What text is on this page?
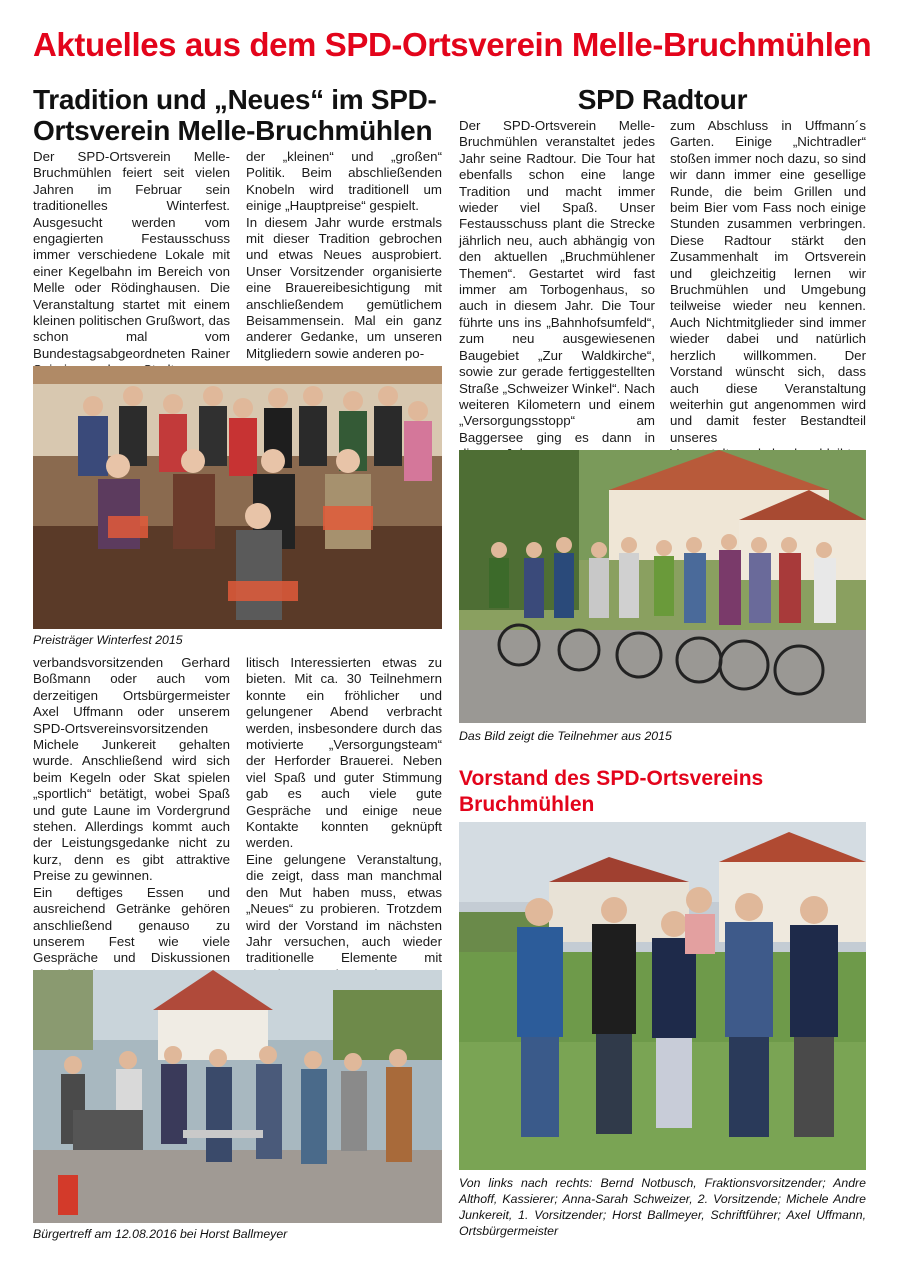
Aktuelles aus dem SPD-Ortsverein Melle-Bruchmühlen
Tradition und „Neues“ im SPD-
Ortsverein Melle-Bruchmühlen

Der SPD-Ortsverein Melle-Bruchmühlen feiert seit vielen Jahren im Februar sein traditionelles Winterfest. Ausgesucht werden vom engagierten Festausschuss immer verschiedene Lokale mit einer Kegelbahn im Bereich von Melle oder Rödinghausen. Die Veranstaltung startet mit einem kleinen politischen Grußwort, das schon mal vom Bundestagsabgeordneten Rainer

der „kleinen“ und „großen“ Politik. Beim abschließenden Knobeln wird traditionell um einige „Hauptpreise“ gespielt.

In diesem Jahr wurde erstmals mit dieser Tradition gebrochen und etwas Neues ausprobiert. Unser Vorsitzender organisierte eine Brauereibesichtigung mit anschließendem gemütlichem Beisammensein. Mal ein ganz anderer Gedanke, um unseren Mitgliedern sowie anderen po-

Preisträger Winterfest 2015

verbandsvorsitzenden Gerhard Boßmann oder auch vom derzeitigen Ortsbürgermeister Axel Uffmann oder unserem SPD-Ortsvereinsvorsitzenden Michele Junkereit gehalten wurde. Anschließend wird sich beim Kegeln oder Skat spielen „sportlich“ betätigt, wobei Spaß und gute Laune im Vordergrund stehen. Allerdings kommt auch der Leistungsgedanke nicht zu kurz, denn es gibt attraktive Preise zu gewinnen.

Ein deftiges Essen und ausreichend Getränke gehören anschließend genauso zu unserem Fest wie viele Gespräche und Diskussionen

litisch Interessierten etwas zu bieten. Mit ca. 30 Teilnehmern konnte ein fröhlicher und gelungener Abend verbracht werden, insbesondere durch das motivierte „Versorgungsteam“ der Herforder Brauerei. Neben viel Spaß und guter Stimmung gab es auch viele gute Gespräche und einige neue Kontakte konnten geknüpft werden.

Eine gelungene Veranstaltung, die zeigt, dass man manchmal den Mut haben muss, etwas „Neues“ zu probieren. Trotzdem wird der Vorstand im nächsten Jahr versuchen, auch wieder traditionelle Elemente mit

Bürgertreff am 12.08.2016 bei Horst Ballmeyer
SPD Radtour

Der SPD-Ortsverein Melle-Bruchmühlen veranstaltet jedes Jahr seine Radtour. Die Tour hat ebenfalls schon eine lange Tradition und macht immer wieder viel Spaß. Unser Festausschuss plant die Strecke jährlich neu, auch abhängig von den aktuellen „Bruchmühlener Themen“. Gestartet wird fast immer am Torbogenhaus, so auch in diesem Jahr. Die Tour führte uns ins „Bahnhofsumfeld“, zum neu ausgewiesenen Baugebiet „Zur Waldkirche“, sowie zur gerade fertiggestellten Straße „Schweizer Winkel“. Nach weiteren Kilometern und einem „Versorgungsstopp“ am Baggersee ging es dann in

zum Abschluss in Uffmann´s Garten. Einige „Nichtradler“ stoßen immer noch dazu, so sind wir dann immer eine gesellige Runde, die beim Grillen und beim Bier vom Fass noch einige Stunden zusammen verbringen. Diese Radtour stärkt den Zusammenhalt im Ortsverein und gleichzeitig lernen wir Bruchmühlen und Umgebung teilweise wieder neu kennen. Auch Nichtmitglieder sind immer wieder dabei und natürlich herzlich willkommen. Der Vorstand wünscht sich, dass auch diese Veranstaltung weiterhin gut angenommen wird und damit fester Bestandteil unseres

Das Bild zeigt die Teilnehmer aus 2015
Vorstand des SPD-Ortsvereins
Bruchmühlen
Von links nach rechts: Bernd Notbusch, Fraktionsvorsitzender; Andre Althoff, Kassierer; Anna-Sarah Schweizer, 2. Vorsitzende; Michele Andre Junkereit, 1. Vorsitzender; Horst Ballmeyer, Schriftführer; Axel Uffmann, Ortsbürgermeister
